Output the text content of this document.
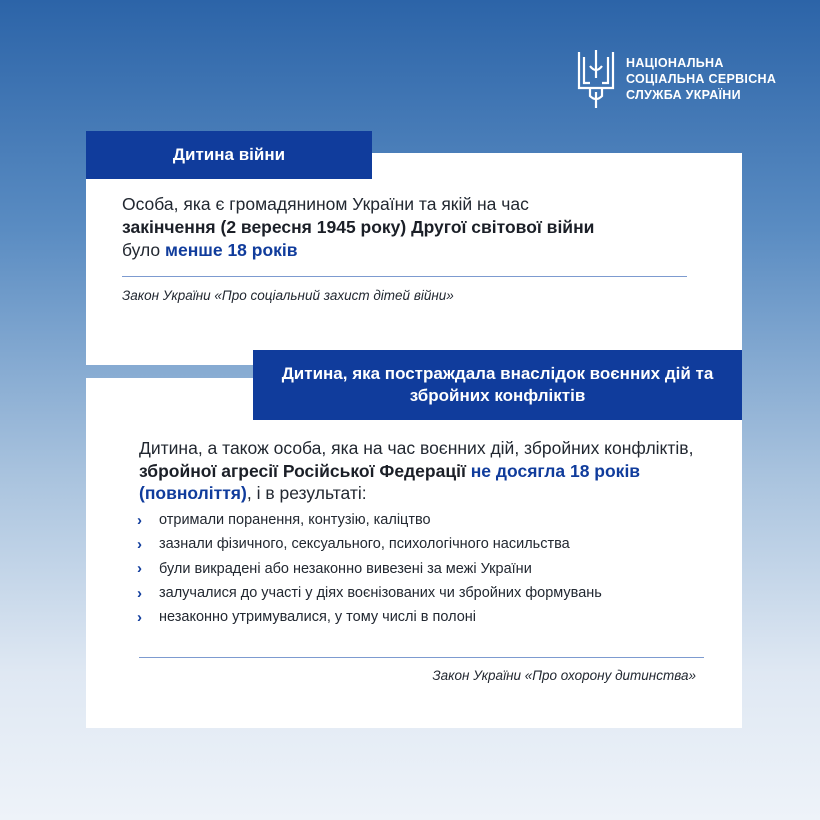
НАЦІОНАЛЬНА
СОЦІАЛЬНА СЕРВІСНА
СЛУЖБА УКРАЇНИ
Дитина війни
Особа, яка є громадянином України та якій на час
закінчення (2 вересня 1945 року) Другої світової війни
було менше 18 років
Закон України «Про соціальний захист дітей війни»
Дитина, яка постраждала внаслідок воєнних дій та збройних конфліктів
Дитина, а також особа, яка на час воєнних дій, збройних конфліктів, збройної агресії Російської Федерації не досягла 18 років (повноліття), і в результаті:
›	отримали поранення, контузію, каліцтво
›	зазнали фізичного, сексуального, психологічного насильства
›	були викрадені або незаконно вивезені за межі України
›	залучалися до участі у діях воєнізованих чи збройних формувань
›	незаконно утримувалися, у тому числі в полоні
Закон України «Про охорону дитинства»
